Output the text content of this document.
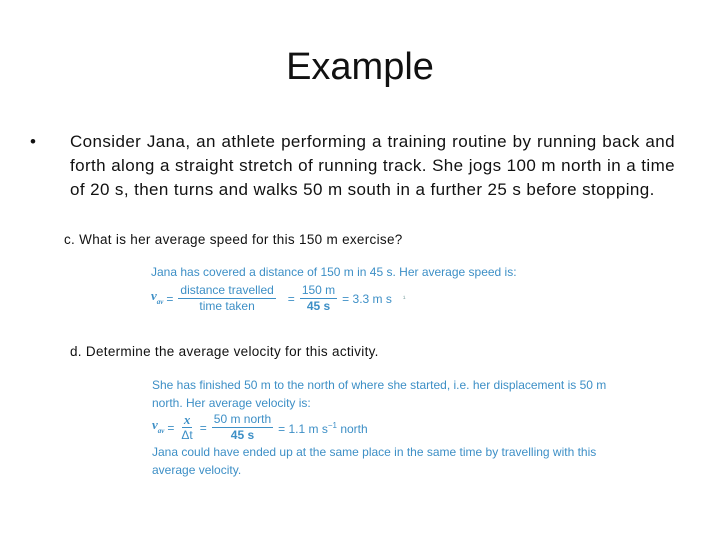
Example
• Consider Jana, an athlete performing a training routine by running back and forth along a straight stretch of running track. She jogs 100 m north in a time of 20 s, then turns and walks 50 m south in a further 25 s before stopping.
c. What is her average speed for this 150 m exercise?
Jana has covered a distance of 150 m in 45 s. Her average speed is:
$v_{av} = \frac{\text{distance travelled}}{\text{time taken}} = \frac{150 m}{45 s} = 3.3$ m s ¹
d. Determine the average velocity for this activity.
She has finished 50 m to the north of where she started, i.e. her displacement is 50 m
north. Her average velocity is:
$v_{av} = \frac{x}{\Delta t} = \frac{\text{50 m north}}{45 s} = 1.1$ m $s^{-1}$ north
Jana could have ended up at the same place in the same time by travelling with this
average velocity.
